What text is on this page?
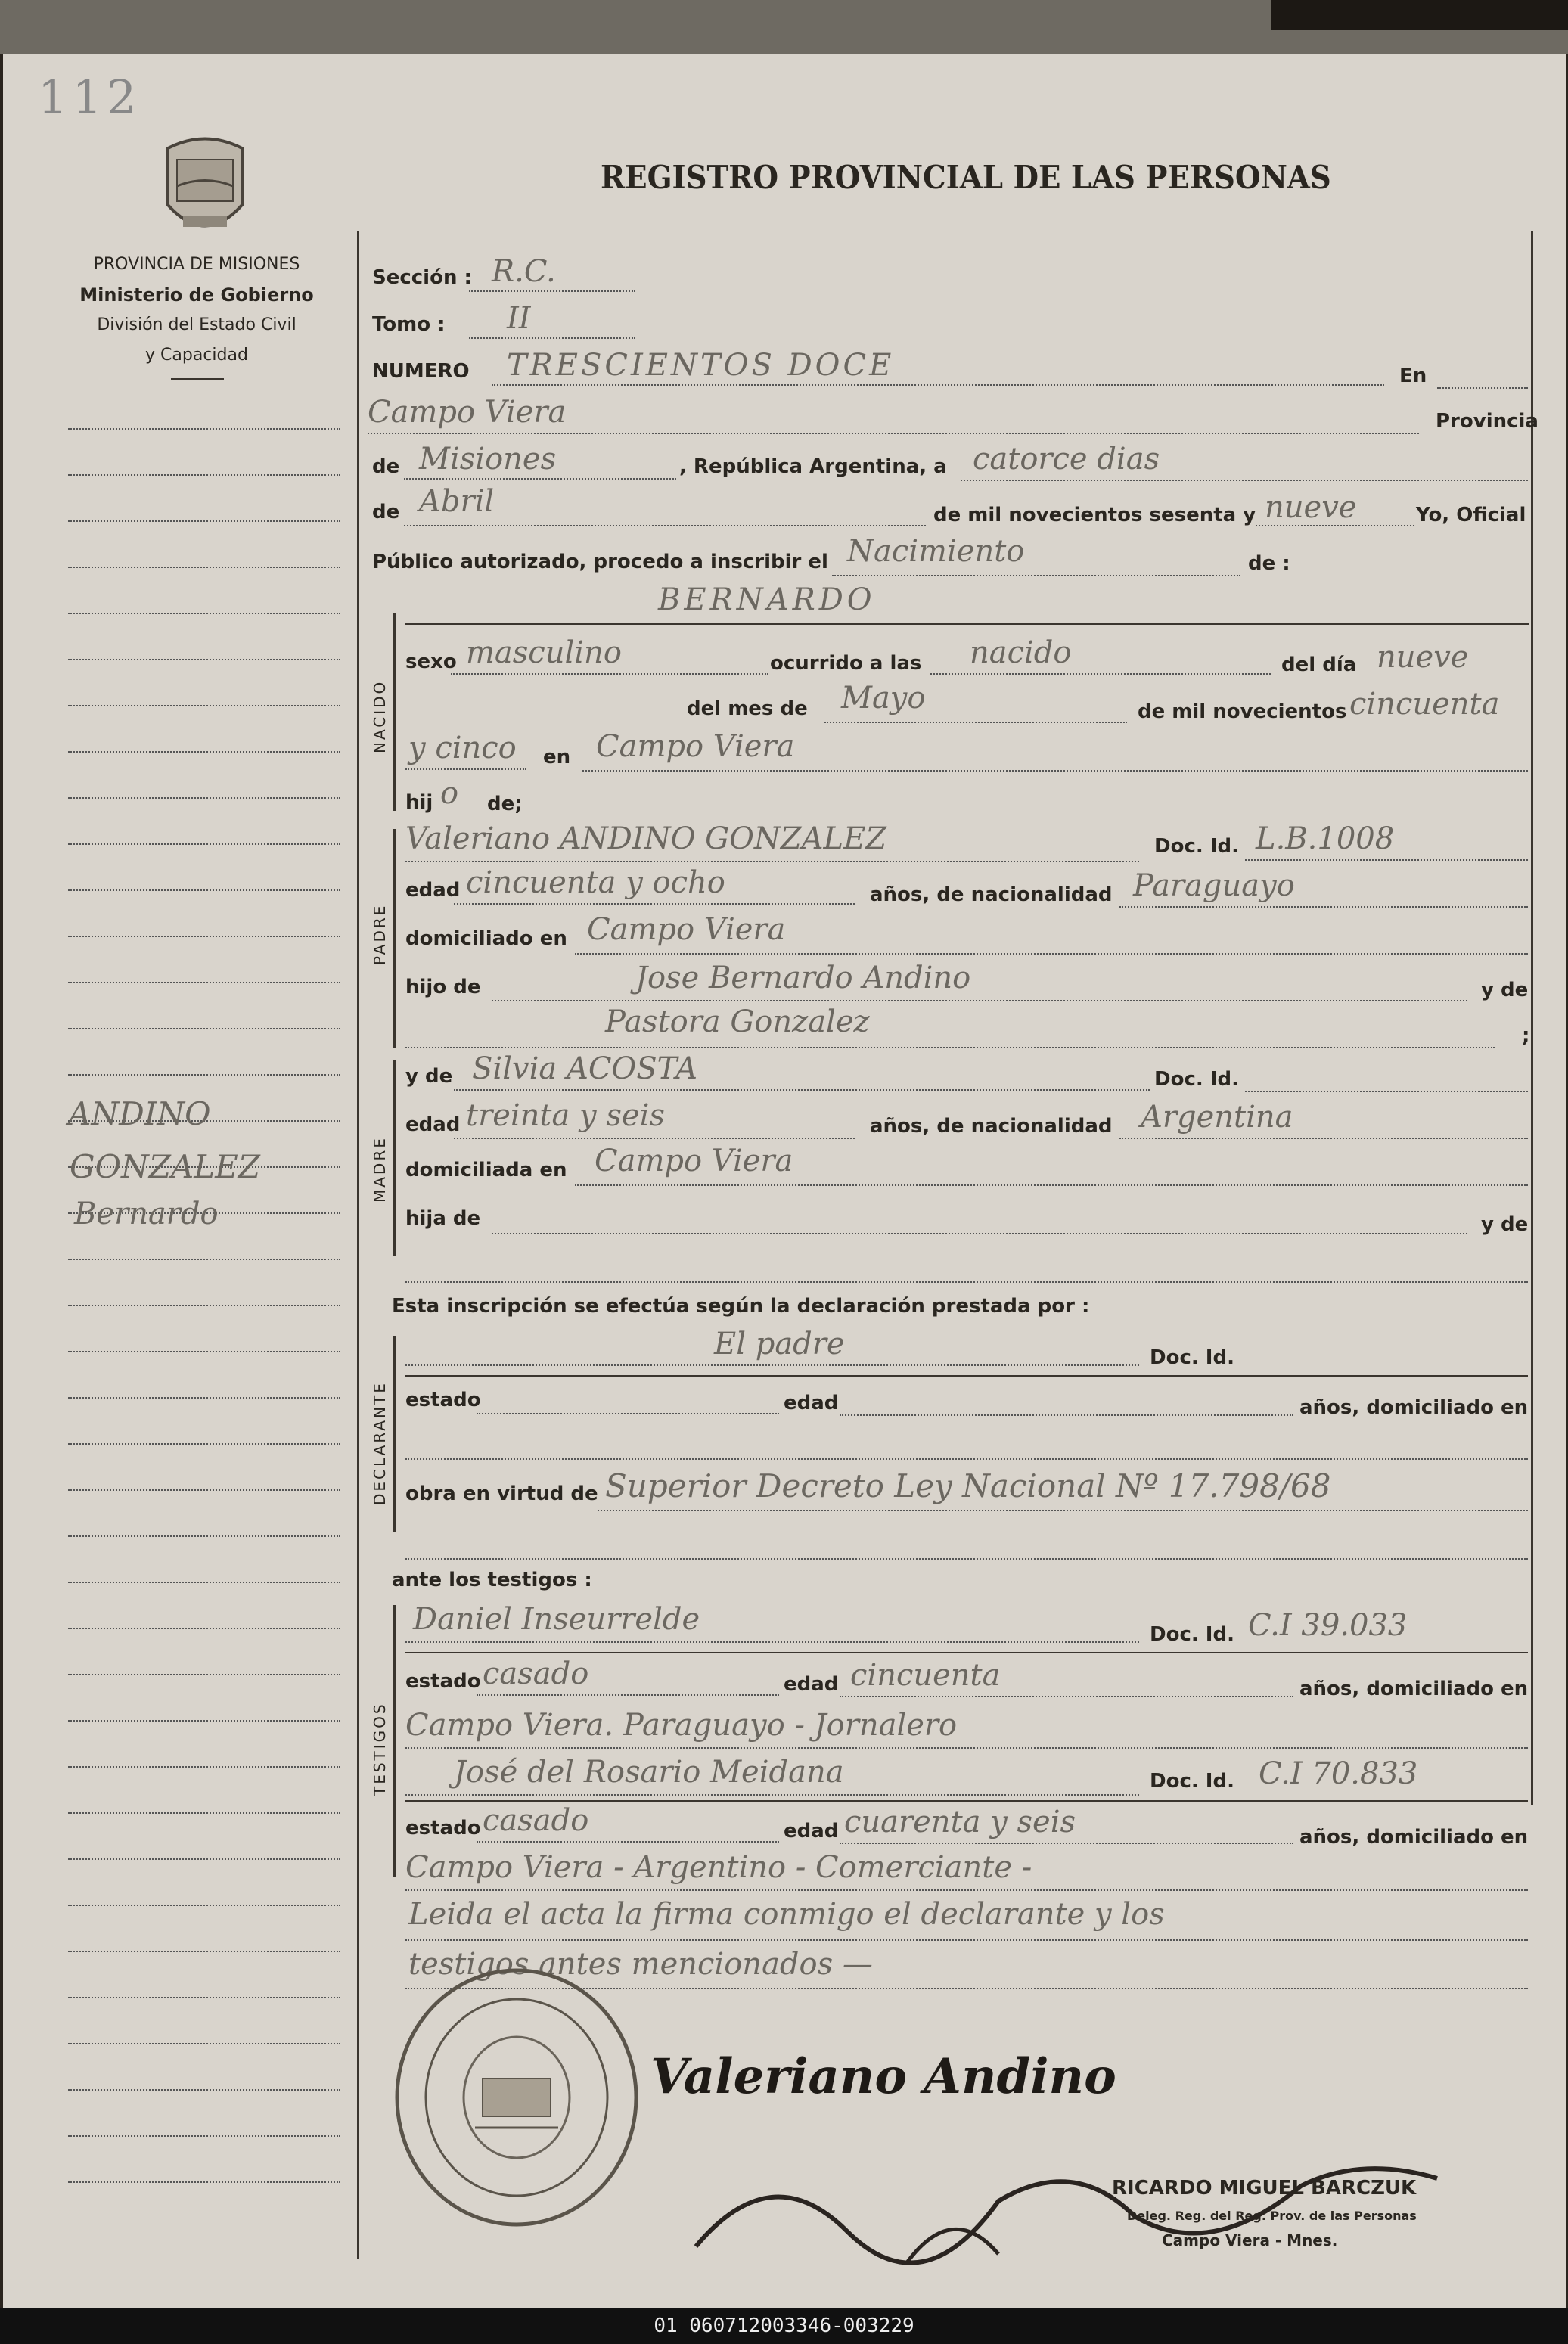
112
PROVINCIA DE MISIONES
Ministerio de Gobierno
División del Estado Civil
y Capacidad
REGISTRO PROVINCIAL DE LAS PERSONAS
ANDINO
GONZALEZ
Bernardo
Sección : R.C.
Tomo : II
NUMERO TRESCIENTOS DOCE	En
Campo Viera	Provincia
de Misiones	, República Argentina, a catorce dias
de Abril	de mil novecientos sesenta y nueve	Yo, Oficial
Público autorizado, procedo a inscribir el Nacimiento	de :
BERNARDO
NACIDO
sexo masculino	ocurrido a las nacido	del día nueve
del mes de Mayo	de mil novecientos cincuenta
y cinco en Campo Viera
hij o de;
PADRE
Valeriano ANDINO GONZALEZ	Doc. Id. L.B.1008
edad cincuenta y ocho	años, de nacionalidad Paraguayo
domiciliado en Campo Viera
hijo de	Jose Bernardo Andino	y de
Pastora Gonzalez	;
MADRE
y de Silvia ACOSTA	Doc. Id.
edad treinta y seis	años, de nacionalidad Argentina
domiciliada en Campo Viera
hija de	y de
Esta inscripción se efectúa según la declaración prestada por :
DECLARANTE
El padre	Doc. Id.
estado	edad	años, domiciliado en
obra en virtud de Superior Decreto Ley Nacional Nº 17.798/68
ante los testigos :
TESTIGOS
Daniel Inseurrelde	Doc. Id. C.I 39.033
estado casado	edad cincuenta	años, domiciliado en
Campo Viera. Paraguayo - Jornalero
José del Rosario Meidana	Doc. Id. C.I 70.833
estado casado	edad cuarenta y seis	años, domiciliado en
Campo Viera - Argentino - Comerciante -
Leida el acta la firma conmigo el declarante y los
testigos antes mencionados —
Valeriano Andino
RICARDO MIGUEL BARCZUK
Deleg. Reg. del Reg. Prov. de las Personas
Campo Viera - Mnes.
01_060712003346-003229
